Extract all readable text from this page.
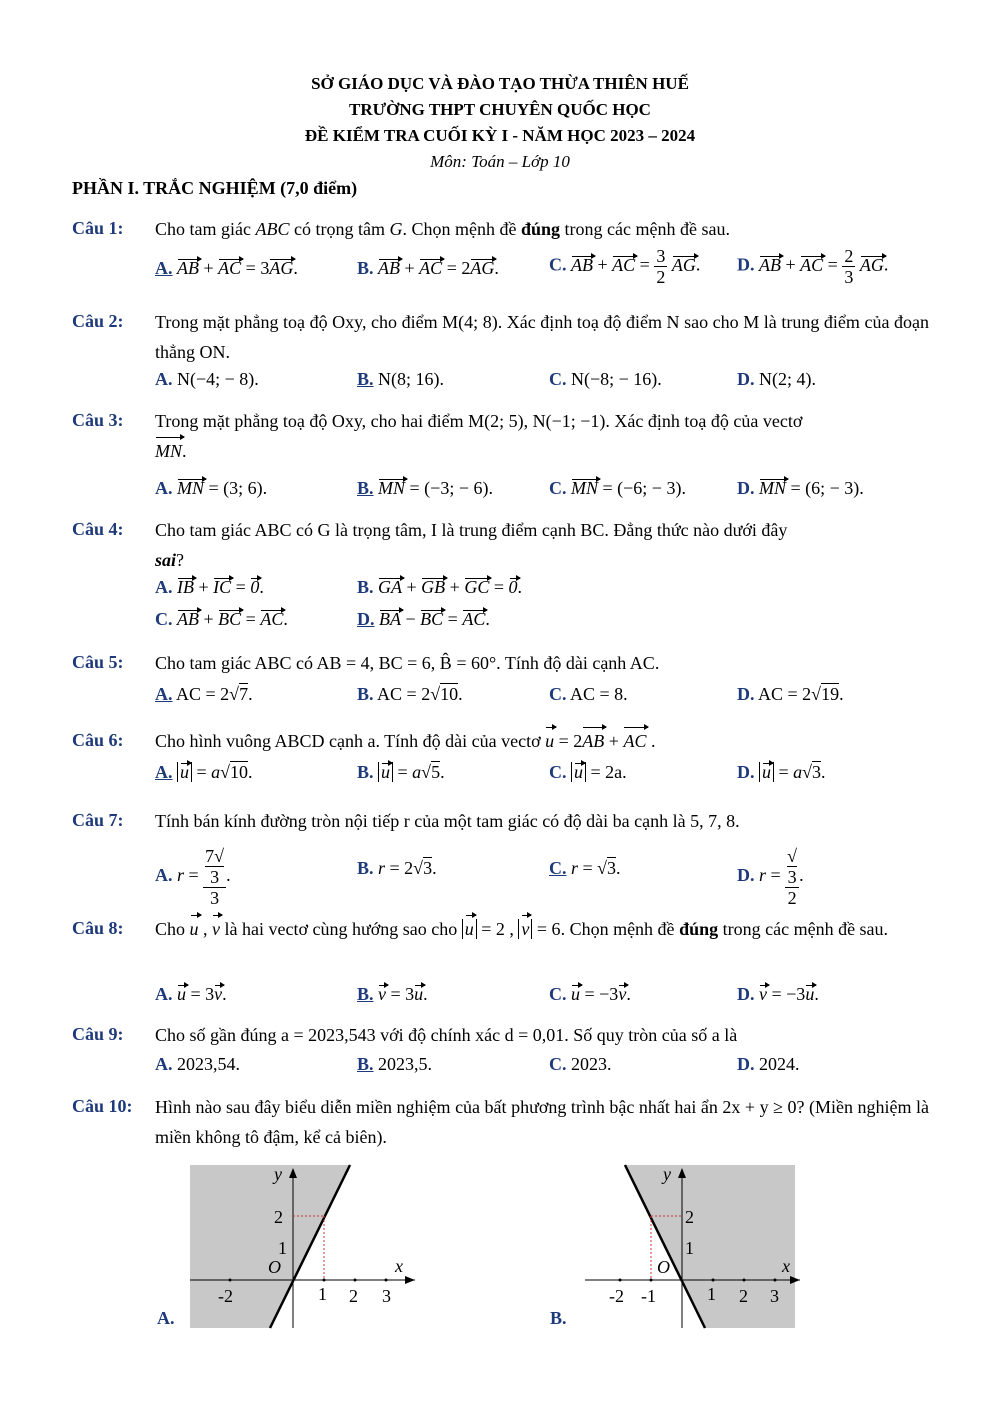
SỞ GIÁO DỤC VÀ ĐÀO TẠO THỪA THIÊN HUẾ
TRƯỜNG THPT CHUYÊN QUỐC HỌC
ĐỀ KIỂM TRA CUỐI KỲ I - NĂM HỌC 2023 – 2024
Môn: Toán – Lớp 10
PHẦN I. TRẮC NGHIỆM (7,0 điểm)
Câu 1: Cho tam giác ABC có trọng tâm G. Chọn mệnh đề đúng trong các mệnh đề sau.
A. AB + AC = 3AG.	B. AB + AC = 2AG.	C. AB + AC = $\frac{3}{2}$ AG. D. AB + AC = $\frac{2}{3}$ AG.
Câu 2: Trong mặt phẳng toạ độ Oxy, cho điểm M(4; 8). Xác định toạ độ điểm N sao cho M là trung điểm của đoạn thẳng ON.
A. N(−4; − 8).	B. N(8; 16).	C. N(−8; − 16).	D. N(2; 4).
Câu 3: Trong mặt phẳng toạ độ Oxy, cho hai điểm M(2; 5), N(−1; −1). Xác định toạ độ của vectơ
MN.
A. MN = (3; 6).	B. MN = (−3; − 6).	C. MN = (−6; − 3).	D. MN = (6; − 3).
Câu 4: Cho tam giác ABC có G là trọng tâm, I là trung điểm cạnh BC. Đẳng thức nào dưới đây
sai?
A. IB + IC = 0.	B. GA + GB + GC = 0.
C. AB + BC = AC.	D. BA − BC = AC.
Câu 5: Cho tam giác ABC có AB = 4, BC = 6, B̂ = 60°. Tính độ dài cạnh AC.
A. AC = 2√7.	B. AC = 2√10.	C. AC = 8.	D. AC = 2√19.
Câu 6: Cho hình vuông ABCD cạnh a. Tính độ dài của vectơ u = 2AB + AC .
A. u = a√10.	B. u = a√5.	C. u = 2a.	D. u = a√3.
Câu 7: Tính bán kính đường tròn nội tiếp r của một tam giác có độ dài ba cạnh là 5, 7, 8.
A. r = 7√
3
3 .	B. r = 2√3.	C. r = √3.	D. r = √
3
2 .
Câu 8: Cho u , v là hai vectơ cùng hướng sao cho u = 2 , v = 6. Chọn mệnh đề đúng trong các mệnh đề sau.
A. u = 3v.	B. v = 3u.	C. u = −3v.	D. v = −3u.
Câu 9: Cho số gần đúng a = 2023,543 với độ chính xác d = 0,01. Số quy tròn của số a là
A. 2023,54.	B. 2023,5.	C. 2023.	D. 2024.
Câu 10: Hình nào sau đây biểu diễn miền nghiệm của bất phương trình bậc nhất hai ẩn 2x + y ≥ 0? (Miền nghiệm là miền không tô đậm, kể cả biên).
y
x
O
2
1
-2	1 2 3
A.
y
x
O
2
1
-2 -1	1 2 3
B.
